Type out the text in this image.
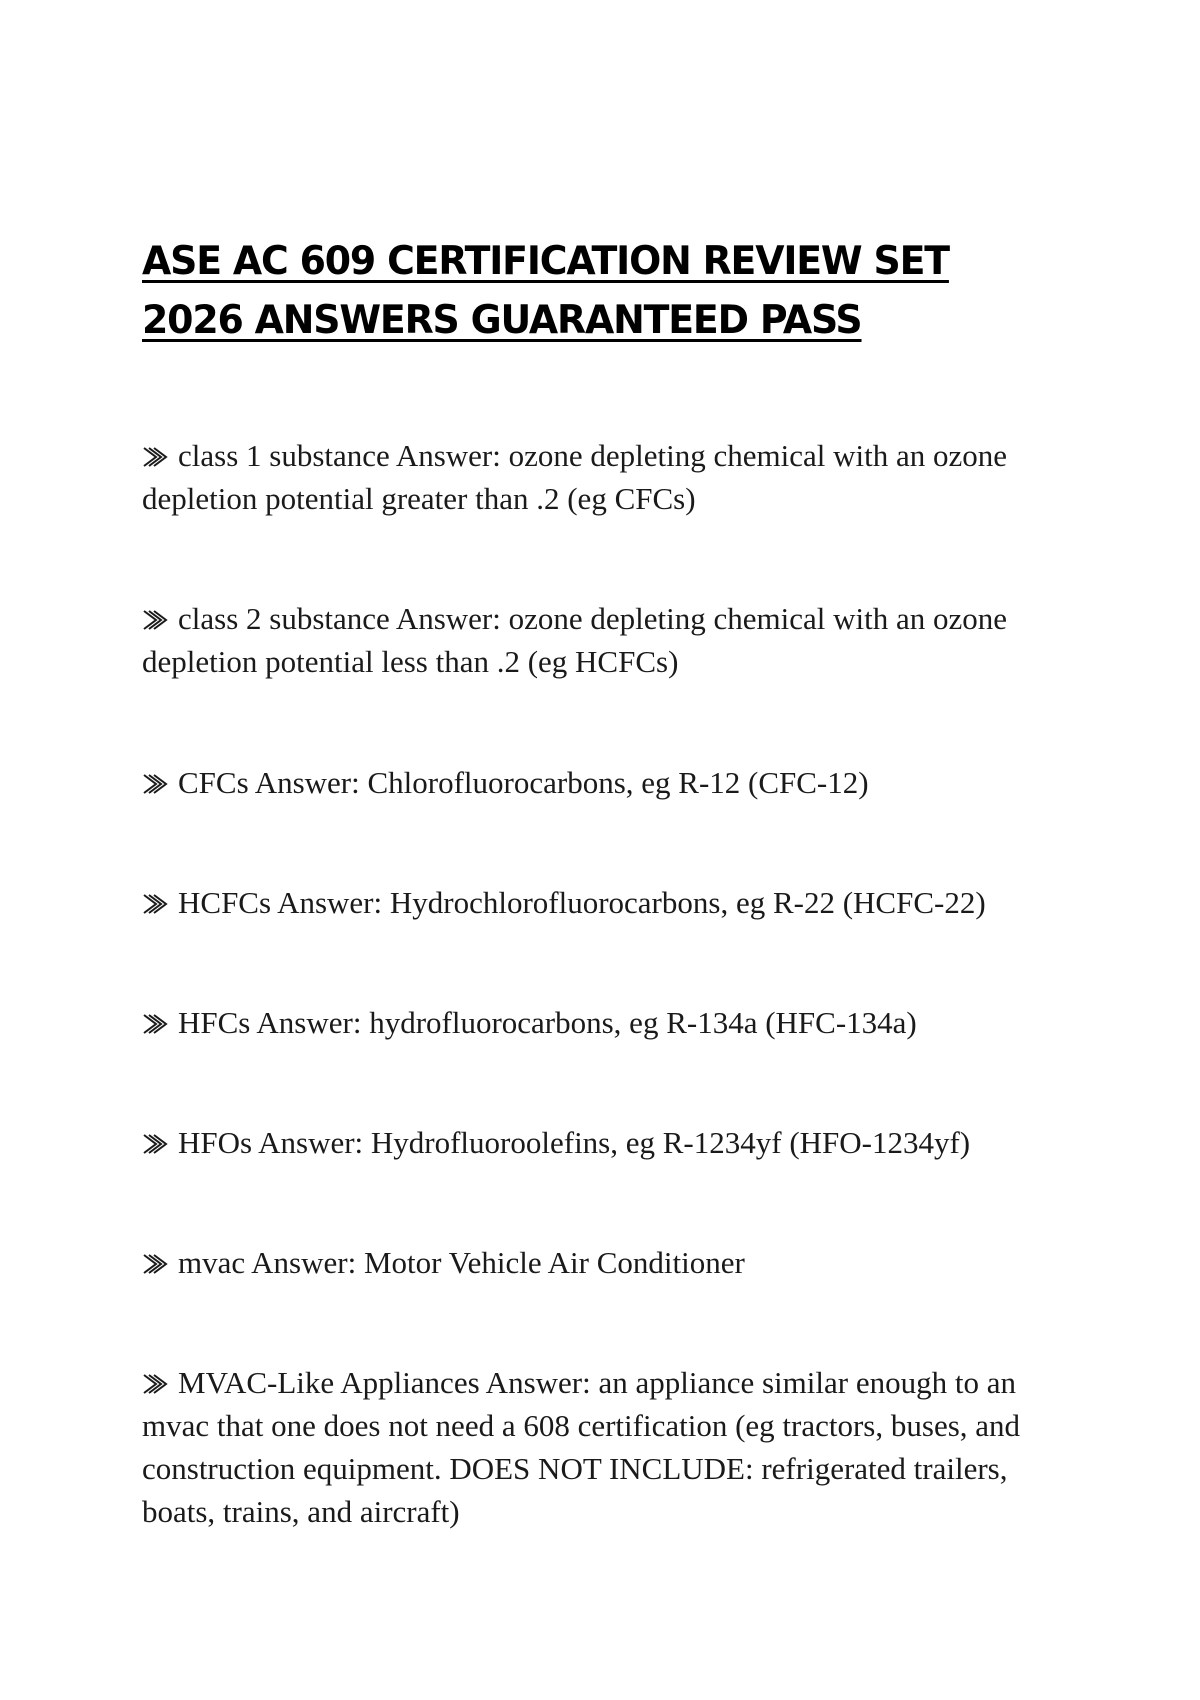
ASE AC 609 CERTIFICATION REVIEW SET
2026 ANSWERS GUARANTEED PASS

class 1 substance Answer: ozone depleting chemical with an ozone depletion potential greater than .2 (eg CFCs)

class 2 substance Answer: ozone depleting chemical with an ozone depletion potential less than .2 (eg HCFCs)

CFCs Answer: Chlorofluorocarbons, eg R-12 (CFC-12)

HCFCs Answer: Hydrochlorofluorocarbons, eg R-22 (HCFC-22)

HFCs Answer: hydrofluorocarbons, eg R-134a (HFC-134a)

HFOs Answer: Hydrofluoroolefins, eg R-1234yf (HFO-1234yf)

mvac Answer: Motor Vehicle Air Conditioner

MVAC-Like Appliances Answer: an appliance similar enough to an mvac that one does not need a 608 certification (eg tractors, buses, and construction equipment. DOES NOT INCLUDE: refrigerated trailers, boats, trains, and aircraft)
